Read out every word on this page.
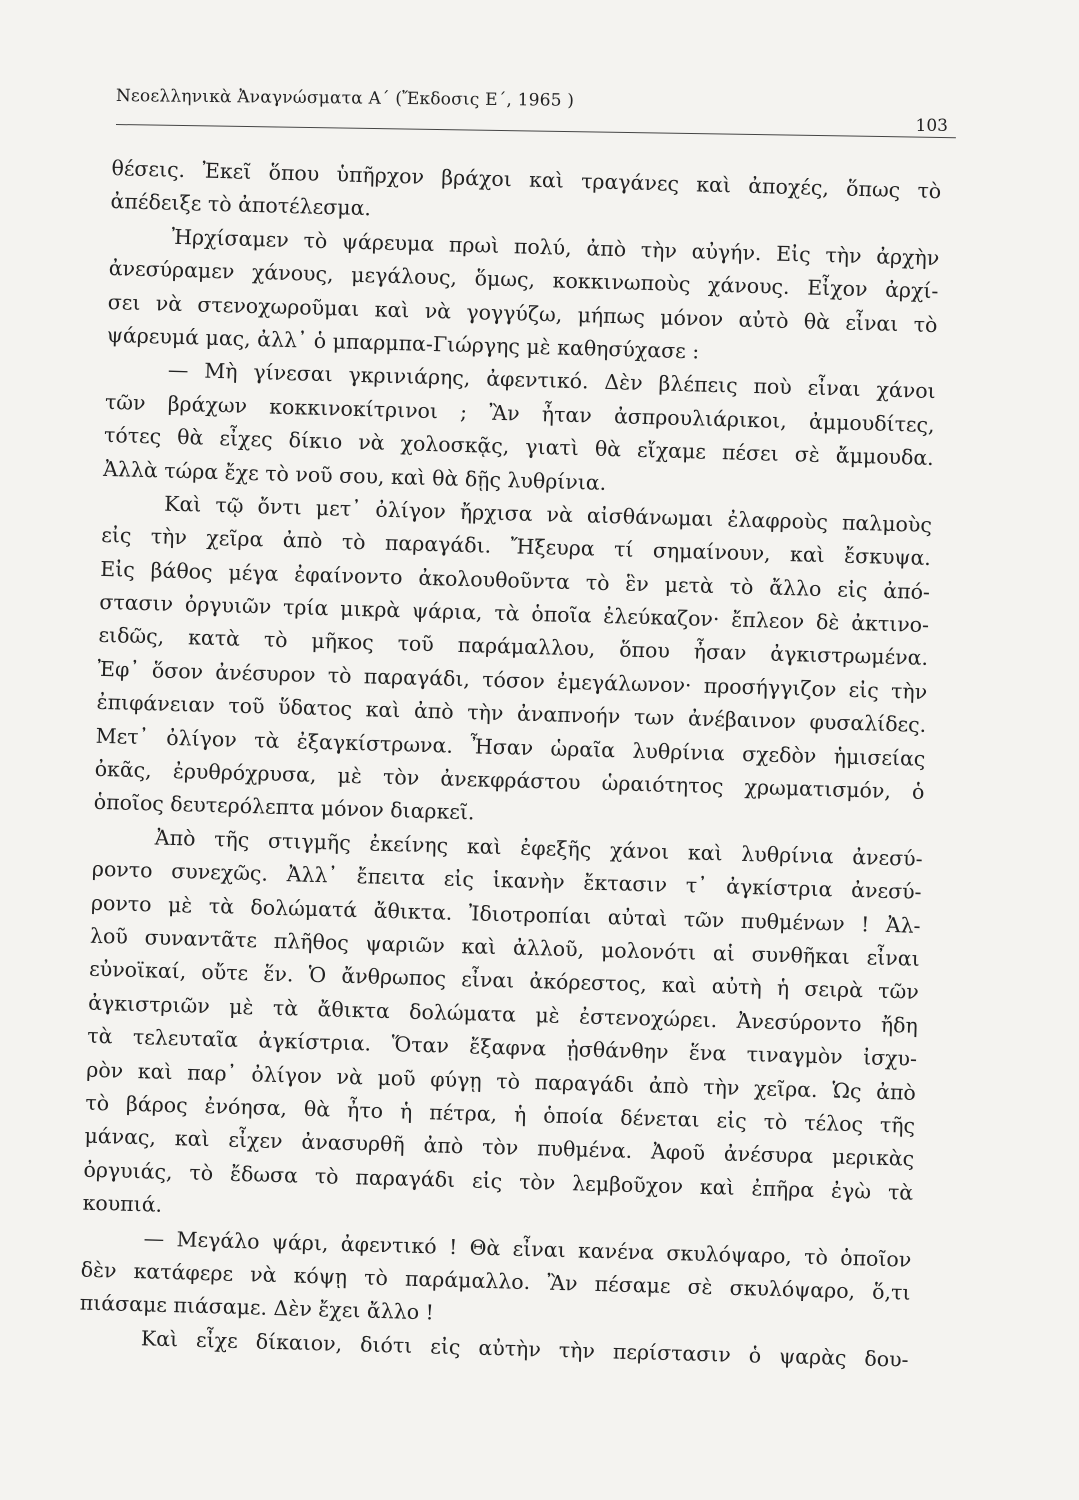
Νεοελληνικὰ Ἀναγνώσματα Α΄ (Ἔκδοσις Ε΄, 1965 )
103
θέσεις. Ἐκεῖ ὅπου ὑπῆρχον βράχοι καὶ τραγάνες καὶ ἀποχές, ὅπως τὸ
ἀπέδειξε τὸ ἀποτέλεσμα.
Ἠρχίσαμεν τὸ ψάρευμα πρωὶ πολύ, ἀπὸ τὴν αὐγήν. Εἰς τὴν ἀρχὴν
ἀνεσύραμεν χάνους, μεγάλους, ὅμως, κοκκινωποὺς χάνους. Εἶχον ἀρχί-
σει νὰ στενοχωροῦμαι καὶ νὰ γογγύζω, μήπως μόνον αὐτὸ θὰ εἶναι τὸ
ψάρευμά μας, ἀλλ᾽ ὁ μπαρμπα-Γιώργης μὲ καθησύχασε :
— Μὴ γίνεσαι γκρινιάρης, ἀφεντικό. Δὲν βλέπεις ποὺ εἶναι χάνοι
τῶν βράχων κοκκινοκίτρινοι ; Ἂν ἦταν ἀσπρουλιάρικοι, ἀμμουδίτες,
τότες θὰ εἶχες δίκιο νὰ χολοσκᾷς, γιατὶ θὰ εἴχαμε πέσει σὲ ἄμμουδα.
Ἀλλὰ τώρα ἔχε τὸ νοῦ σου, καὶ θὰ δῇς λυθρίνια.
Καὶ τῷ ὄντι μετ᾽ ὀλίγον ἤρχισα νὰ αἰσθάνωμαι ἐλαφροὺς παλμοὺς
εἰς τὴν χεῖρα ἀπὸ τὸ παραγάδι. Ἤξευρα τί σημαίνουν, καὶ ἔσκυψα.
Εἰς βάθος μέγα ἐφαίνοντο ἀκολουθοῦντα τὸ ἓν μετὰ τὸ ἄλλο εἰς ἀπό-
στασιν ὀργυιῶν τρία μικρὰ ψάρια, τὰ ὁποῖα ἐλεύκαζον· ἔπλεον δὲ ἀκτινο-
ειδῶς, κατὰ τὸ μῆκος τοῦ παράμαλλου, ὅπου ἦσαν ἀγκιστρωμένα.
Ἐφ᾽ ὅσον ἀνέσυρον τὸ παραγάδι, τόσον ἐμεγάλωνον· προσήγγιζον εἰς τὴν
ἐπιφάνειαν τοῦ ὕδατος καὶ ἀπὸ τὴν ἀναπνοήν των ἀνέβαινον φυσαλίδες.
Μετ᾽ ὀλίγον τὰ ἐξαγκίστρωνα. Ἦσαν ὡραῖα λυθρίνια σχεδὸν ἡμισείας
ὀκᾶς, ἐρυθρόχρυσα, μὲ τὸν ἀνεκφράστου ὡραιότητος χρωματισμόν, ὁ
ὁποῖος δευτερόλεπτα μόνον διαρκεῖ.
Ἀπὸ τῆς στιγμῆς ἐκείνης καὶ ἐφεξῆς χάνοι καὶ λυθρίνια ἀνεσύ-
ροντο συνεχῶς. Ἀλλ᾽ ἔπειτα εἰς ἱκανὴν ἔκτασιν τ᾽ ἀγκίστρια ἀνεσύ-
ροντο μὲ τὰ δολώματά ἄθικτα. Ἰδιοτροπίαι αὐταὶ τῶν πυθμένων ! Ἀλ-
λοῦ συναντᾶτε πλῆθος ψαριῶν καὶ ἀλλοῦ, μολονότι αἱ συνθῆκαι εἶναι
εὐνοϊκαί, οὔτε ἕν. Ὁ ἄνθρωπος εἶναι ἀκόρεστος, καὶ αὐτὴ ἡ σειρὰ τῶν
ἀγκιστριῶν μὲ τὰ ἄθικτα δολώματα μὲ ἐστενοχώρει. Ἀνεσύροντο ἤδη
τὰ τελευταῖα ἀγκίστρια. Ὅταν ἔξαφνα ᾐσθάνθην ἕνα τιναγμὸν ἰσχυ-
ρὸν καὶ παρ᾽ ὀλίγον νὰ μοῦ φύγῃ τὸ παραγάδι ἀπὸ τὴν χεῖρα. Ὡς ἀπὸ
τὸ βάρος ἐνόησα, θὰ ἦτο ἡ πέτρα, ἡ ὁποία δένεται εἰς τὸ τέλος τῆς
μάνας, καὶ εἶχεν ἀνασυρθῆ ἀπὸ τὸν πυθμένα. Ἀφοῦ ἀνέσυρα μερικὰς
ὀργυιάς, τὸ ἔδωσα τὸ παραγάδι εἰς τὸν λεμβοῦχον καὶ ἐπῆρα ἐγὼ τὰ
κουπιά.
— Μεγάλο ψάρι, ἀφεντικό ! Θὰ εἶναι κανένα σκυλόψαρο, τὸ ὁποῖον
δὲν κατάφερε νὰ κόψῃ τὸ παράμαλλο. Ἂν πέσαμε σὲ σκυλόψαρο, ὅ,τι
πιάσαμε πιάσαμε. Δὲν ἔχει ἄλλο !
Καὶ εἶχε δίκαιον, διότι εἰς αὐτὴν τὴν περίστασιν ὁ ψαρὰς δου-
